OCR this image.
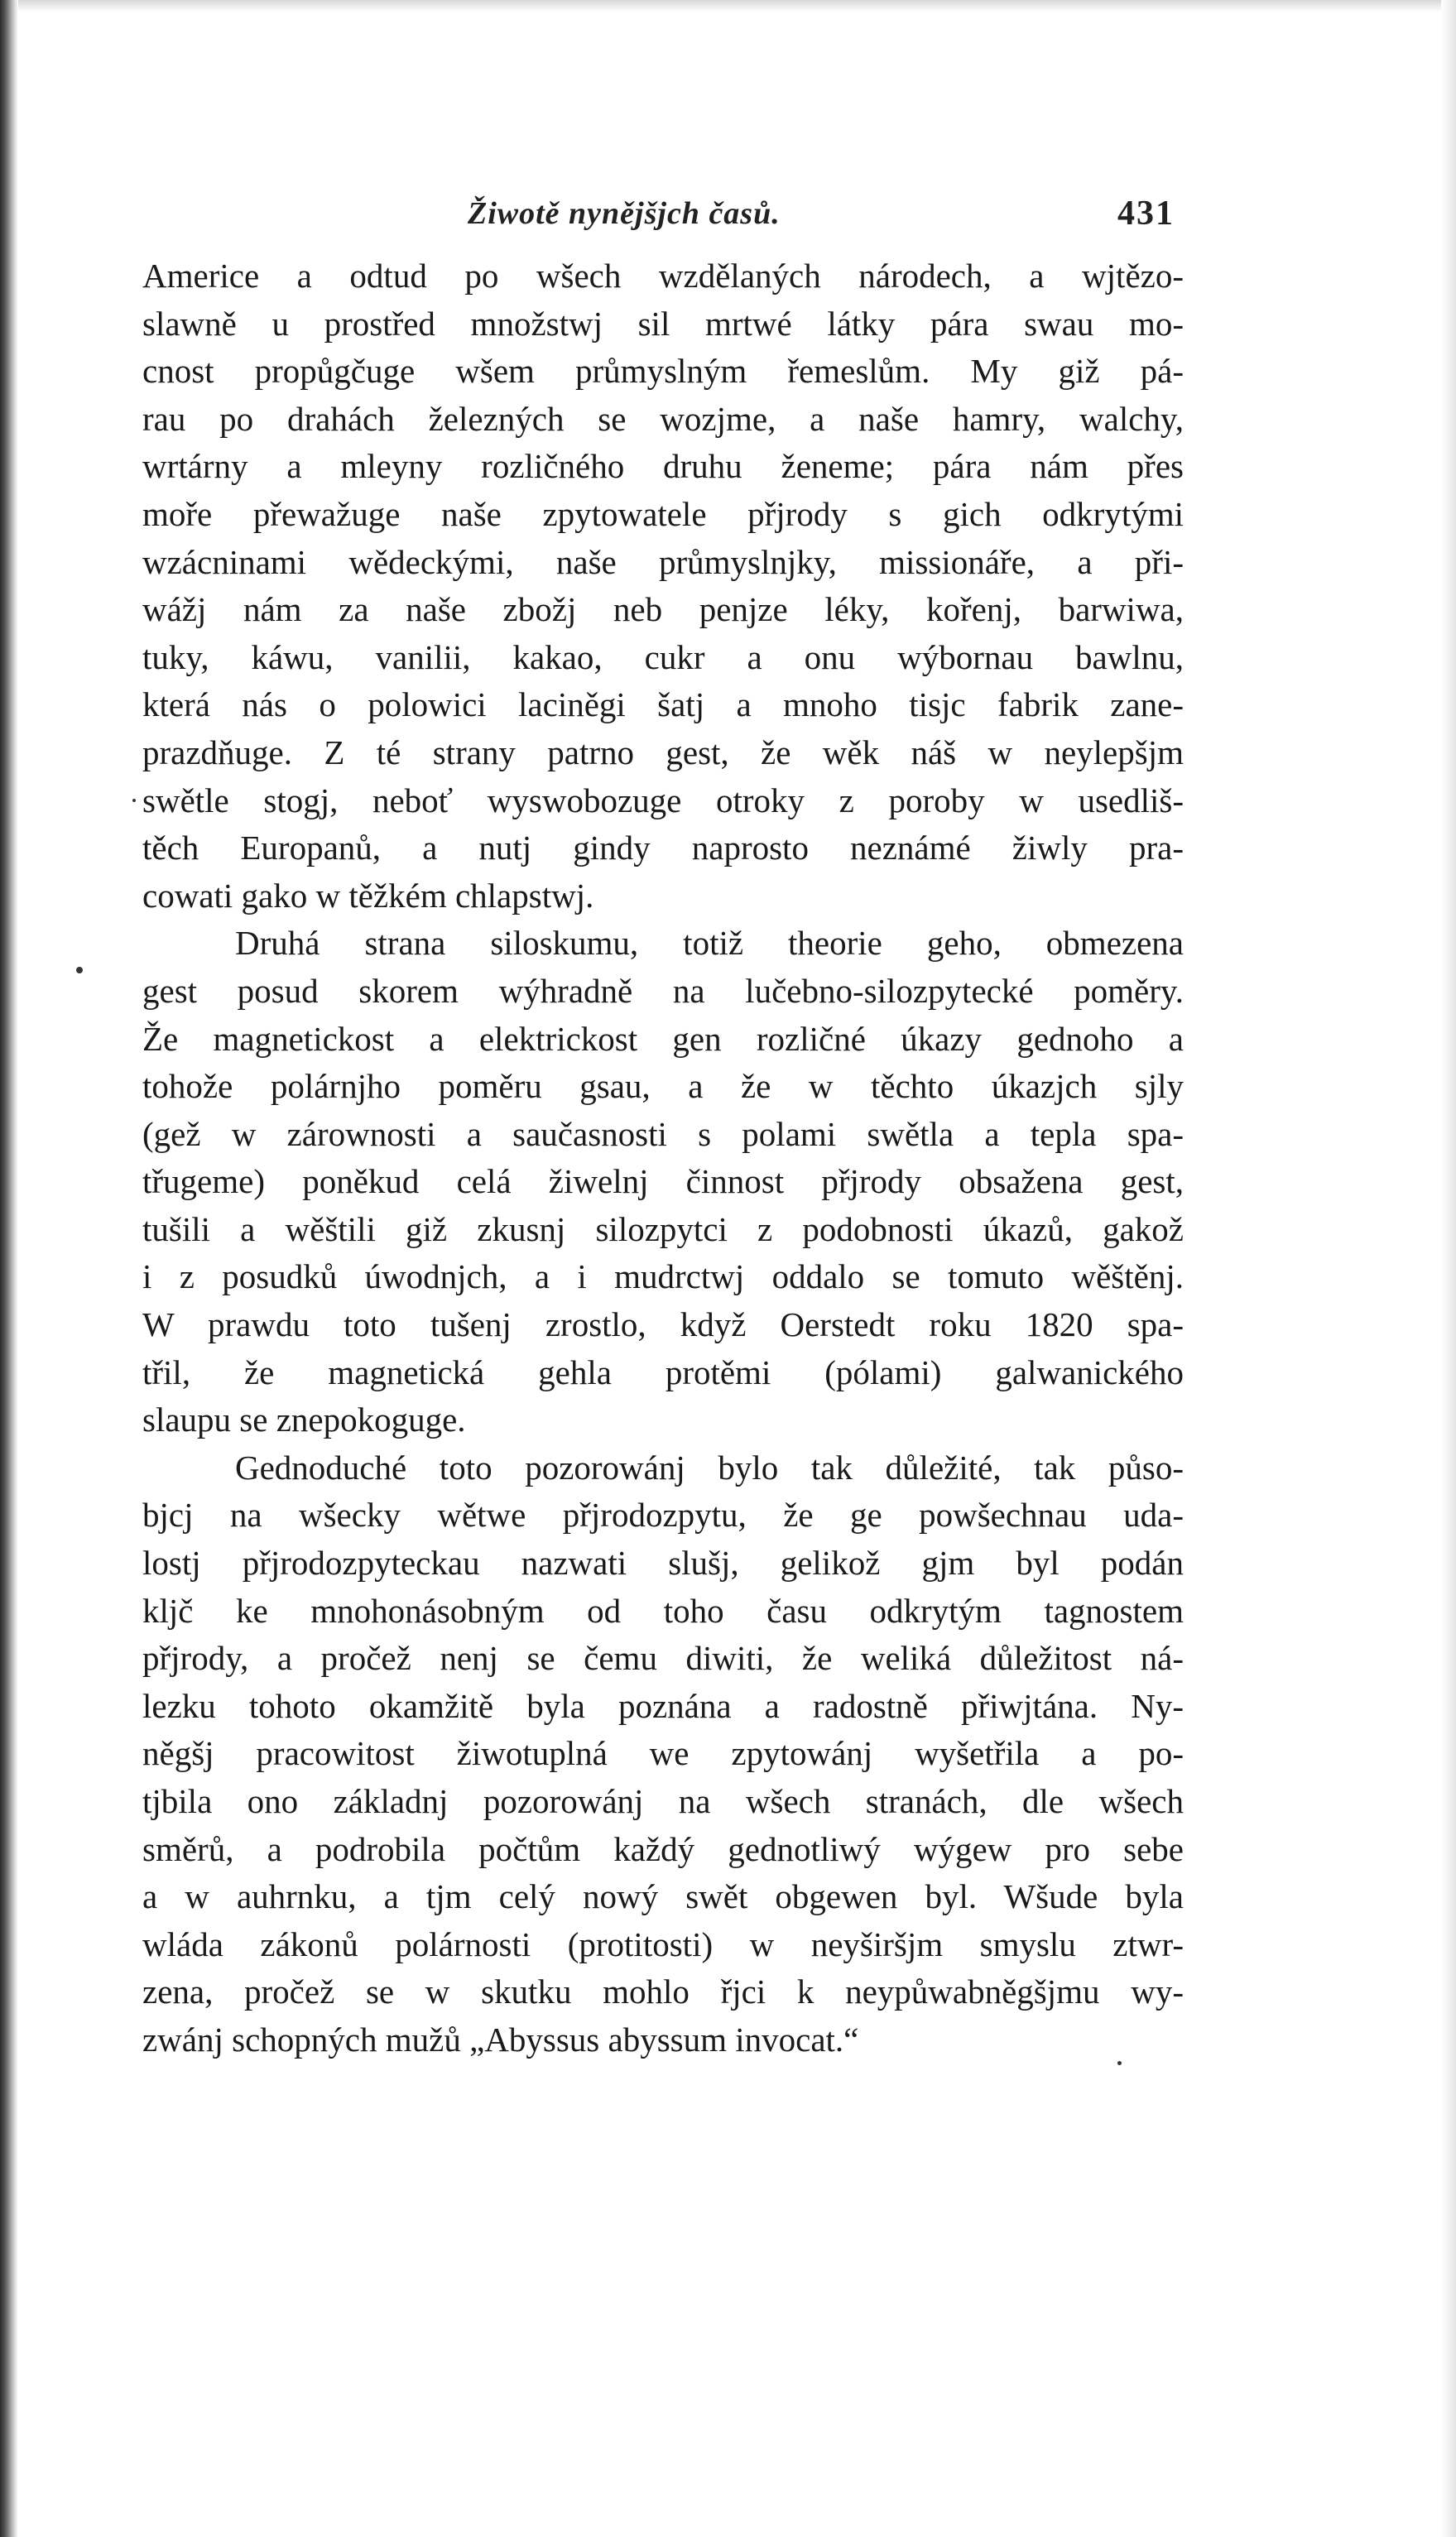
Žiwotě nynějšjch časů.	431
Americe a odtud po wšech wzdělaných národech, a wjtězo-
slawně u prostřed množstwj sil mrtwé látky pára swau mo-
cnost propůgčuge wšem průmyslným řemeslům. My giž pá-
rau po drahách železných se wozjme, a naše hamry, walchy,
wrtárny a mleyny rozličného druhu ženeme; pára nám přes
moře přewažuge naše zpytowatele přjrody s gich odkrytými
wzácninami wědeckými, naše průmyslnjky, missionáře, a při-
wážj nám za naše zbožj neb penjze léky, kořenj, barwiwa,
tuky, káwu, vanilii, kakao, cukr a onu wýbornau bawlnu,
která nás o polowici laciněgi šatj a mnoho tisjc fabrik zane-
prazdňuge. Z té strany patrno gest, že wěk náš w neylepšjm
swětle stogj, neboť wyswobozuge otroky z poroby w usedliš-
těch Europanů, a nutj gindy naprosto neznámé žiwly pra-
cowati gako w těžkém chlapstwj.
Druhá strana siloskumu, totiž theorie geho, obmezena
gest posud skorem wýhradně na lučebno-silozpytecké poměry.
Že magnetickost a elektrickost gen rozličné úkazy gednoho a
tohože polárnjho poměru gsau, a že w těchto úkazjch sjly
(gež w zárownosti a saučasnosti s polami swětla a tepla spa-
třugeme) poněkud celá žiwelnj činnost přjrody obsažena gest,
tušili a wěštili giž zkusnj silozpytci z podobnosti úkazů, gakož
i z posudků úwodnjch, a i mudrctwj oddalo se tomuto wěštěnj.
W prawdu toto tušenj zrostlo, když Oerstedt roku 1820 spa-
třil, že magnetická gehla protěmi (pólami) galwanického
slaupu se znepokoguge.
Gednoduché toto pozorowánj bylo tak důležité, tak půso-
bjcj na wšecky wětwe přjrodozpytu, že ge powšechnau uda-
lostj přjrodozpyteckau nazwati slušj, gelikož gjm byl podán
kljč ke mnohonásobným od toho času odkrytým tagnostem
přjrody, a pročež nenj se čemu diwiti, že weliká důležitost ná-
lezku tohoto okamžitě byla poznána a radostně přiwjtána. Ny-
něgšj pracowitost žiwotuplná we zpytowánj wyšetřila a po-
tjbila ono základnj pozorowánj na wšech stranách, dle wšech
směrů, a podrobila počtům každý gednotliwý wýgew pro sebe
a w auhrnku, a tjm celý nowý swět obgewen byl. Wšude byla
wláda zákonů polárnosti (protitosti) w neyširšjm smyslu ztwr-
zena, pročež se w skutku mohlo řjci k neypůwabněgšjmu wy-
zwánj schopných mužů „Abyssus abyssum invocat.“
